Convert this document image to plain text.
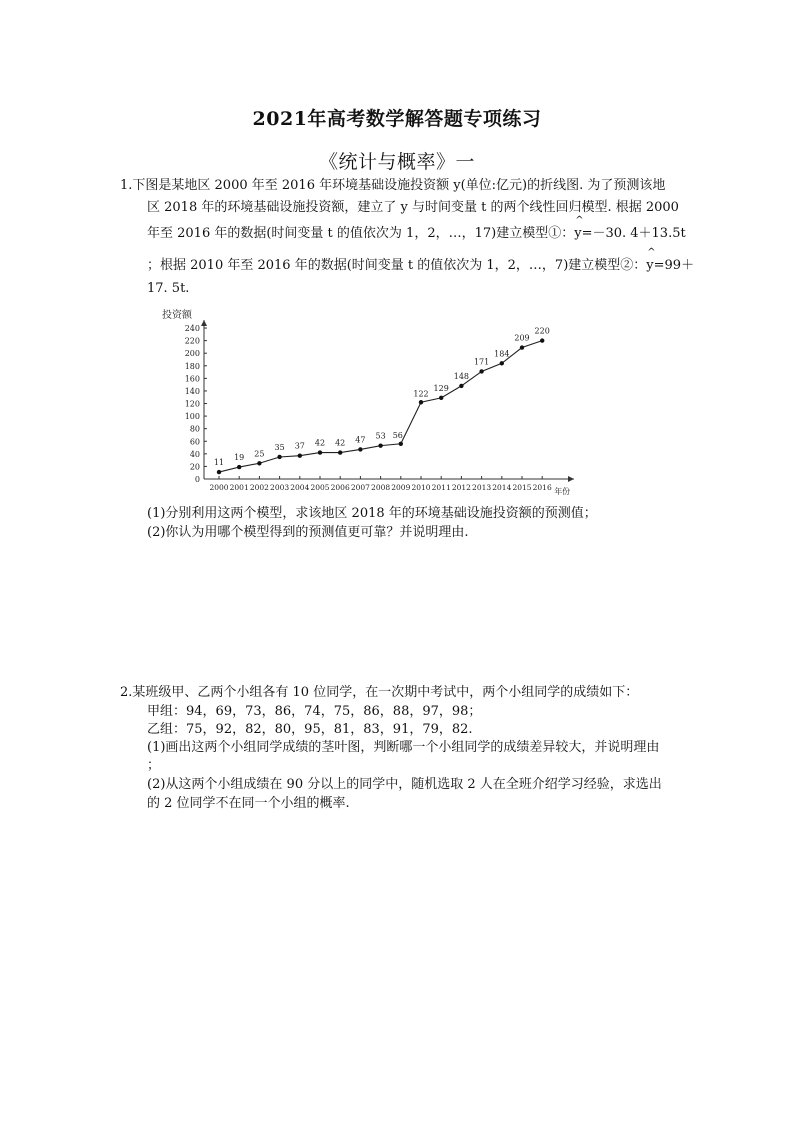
2021年高考数学解答题专项练习
《统计与概率》一
1.下图是某地区 2000 年至 2016 年环境基础设施投资额 y(单位:亿元)的折线图. 为了预测该地
区 2018 年的环境基础设施投资额，建立了 y 与时间变量 t 的两个线性回归模型. 根据 2000
年至 2016 年的数据(时间变量 t 的值依次为 1，2，…，17)建立模型①：^ y=－30. 4＋13.5t
；根据 2010 年至 2016 年的数据(时间变量 t 的值依次为 1，2，…，7)建立模型②：^ y=99＋
17. 5t.
投资额
年份
0
20
40
60
80
100
120
140
160
180
200
220
240
2000 2001 2002 2003 2004 2005 2006 2007 2008 2009 2010 2011 2012 2013 2014 2015 2016
11
19 25
35 37 42 42 47 53 56
122
129
148
171
184
209
220
(1)分别利用这两个模型，求该地区 2018 年的环境基础设施投资额的预测值；
(2)你认为用哪个模型得到的预测值更可靠？并说明理由.
2.某班级甲、乙两个小组各有 10 位同学，在一次期中考试中，两个小组同学的成绩如下：
甲组：94，69，73，86，74，75，86，88，97，98；
乙组：75，92，82，80，95，81，83，91，79，82.
(1)画出这两个小组同学成绩的茎叶图，判断哪一个小组同学的成绩差异较大，并说明理由
；
(2)从这两个小组成绩在 90 分以上的同学中，随机选取 2 人在全班介绍学习经验，求选出
的 2 位同学不在同一个小组的概率.
